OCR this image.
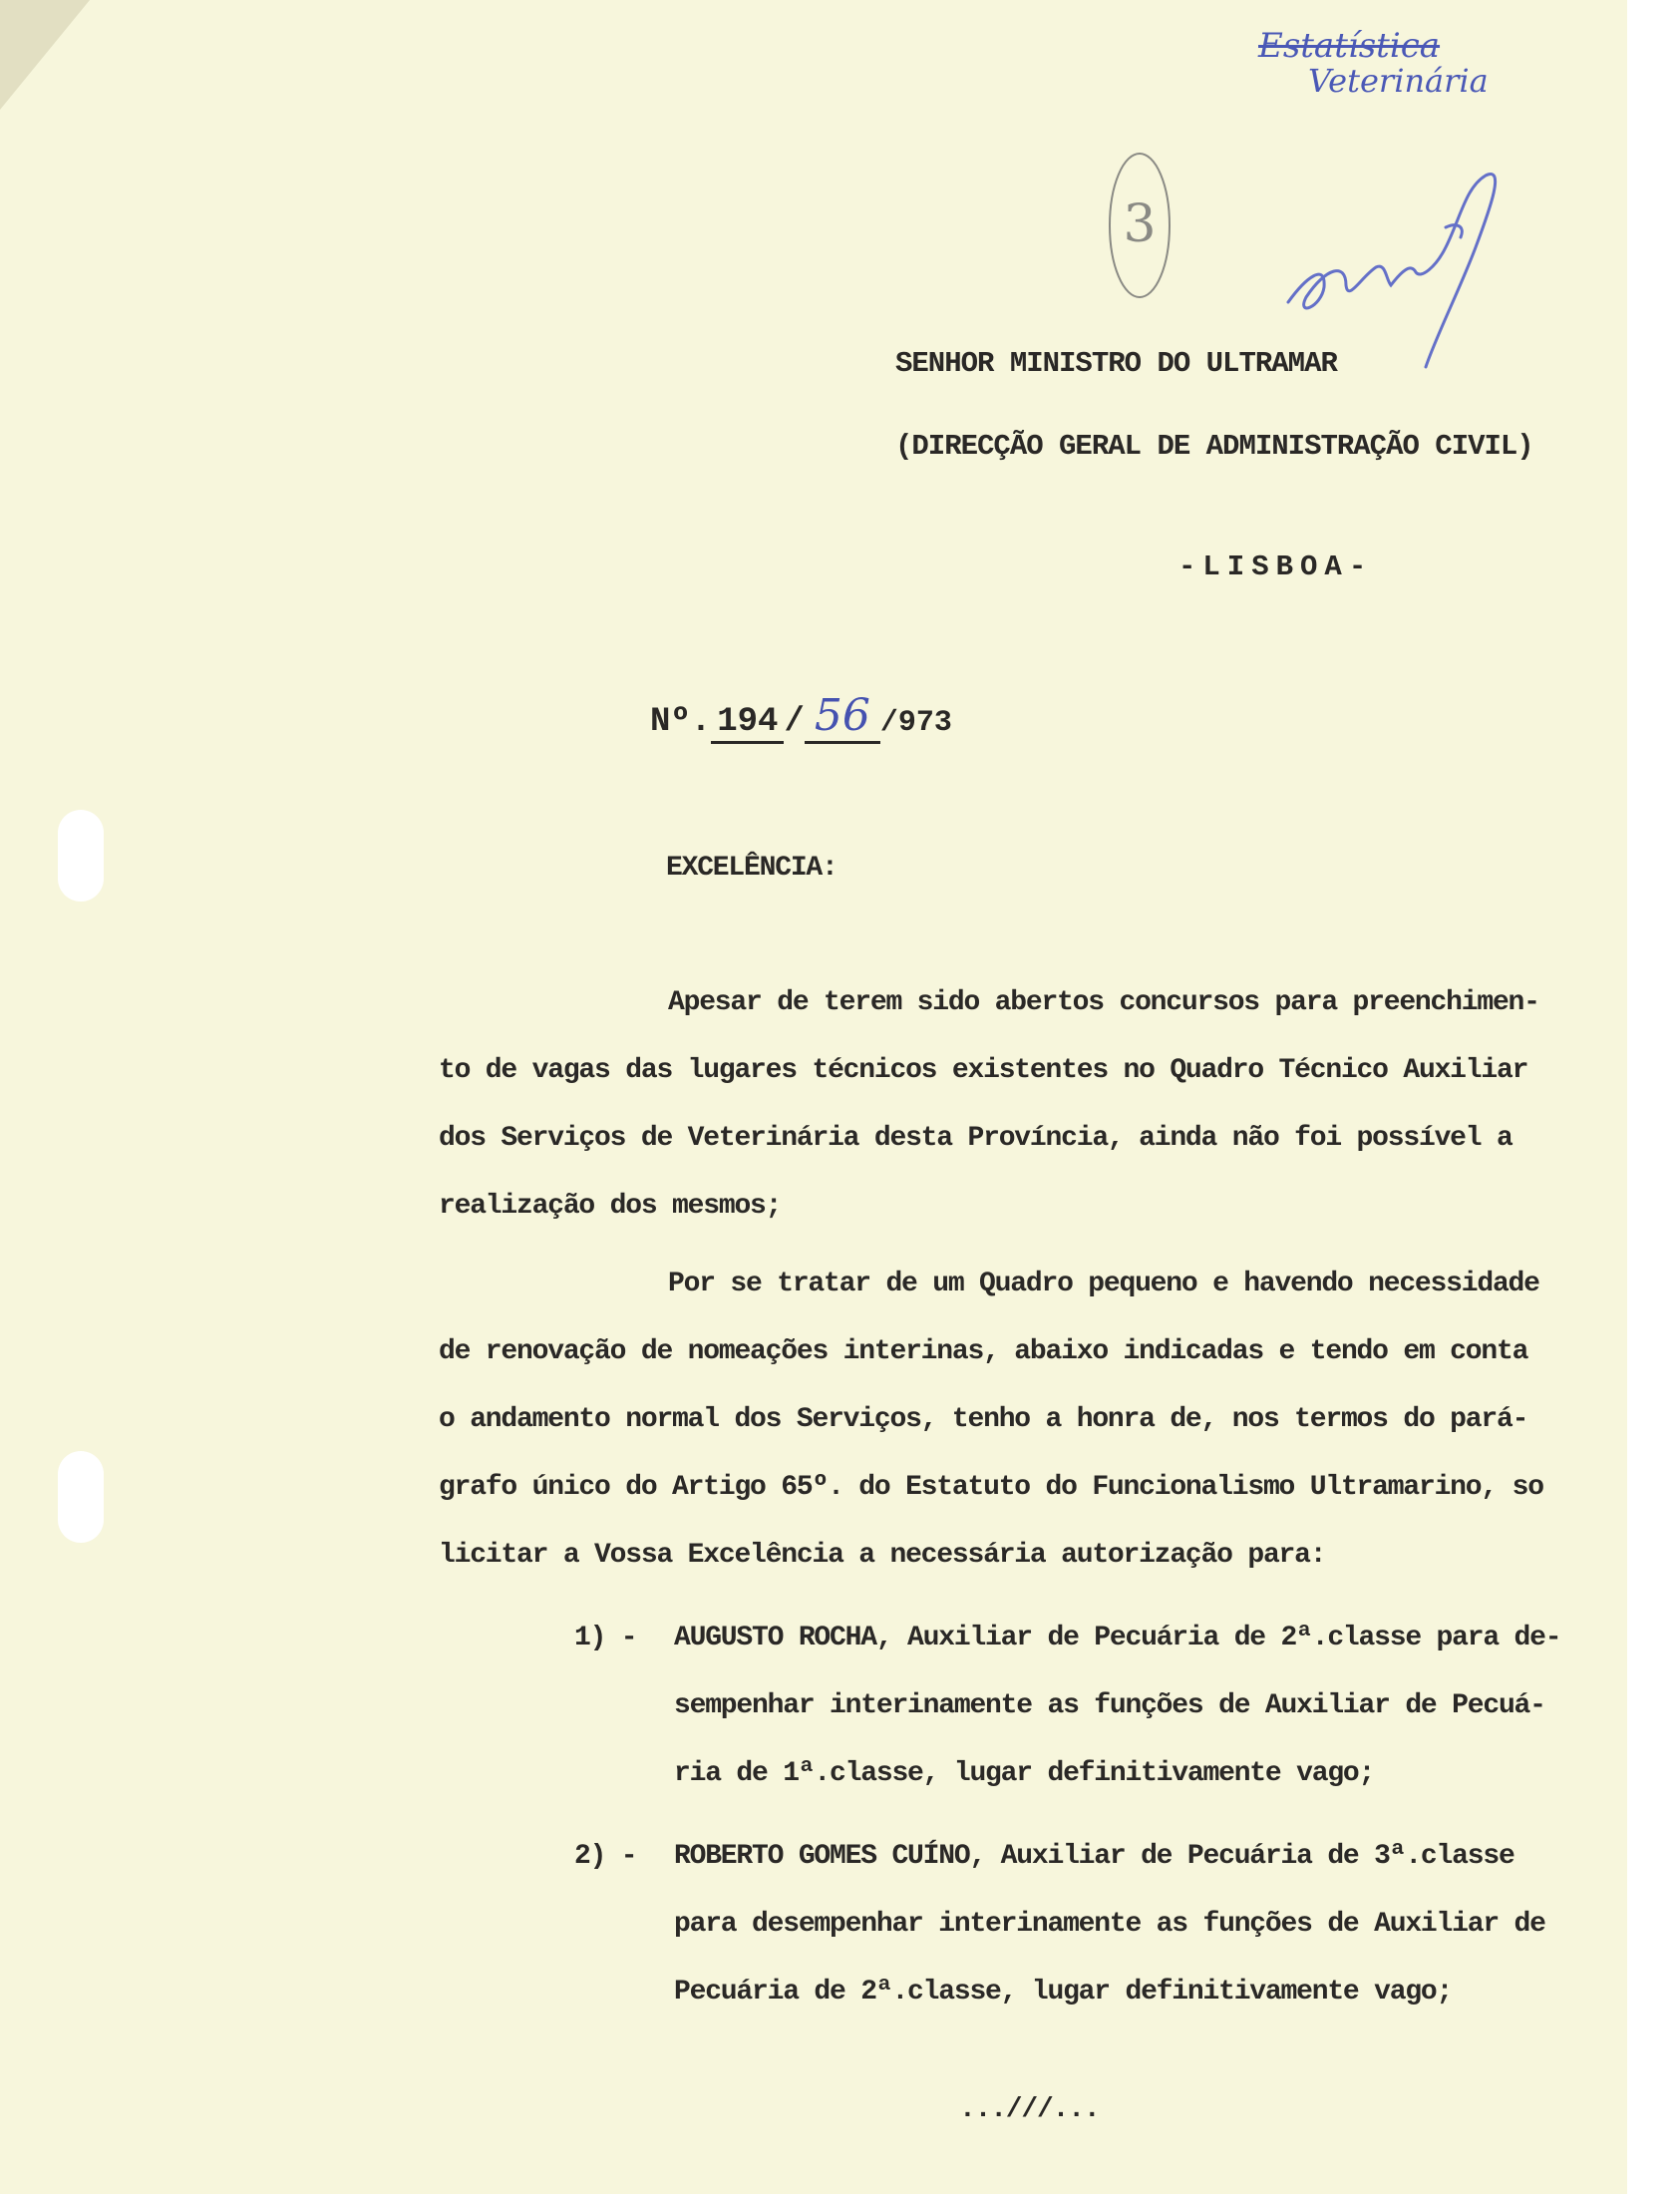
Estatística
Veterinária
3

SENHOR MINISTRO DO ULTRAMAR

(DIRECÇÃO GERAL DE ADMINISTRAÇÃO CIVIL)

-LISBOA-

Nº. 194 / 56 / 973

EXCELÊNCIA:

Apesar de terem sido abertos concursos para preenchimen-

to de vagas das lugares técnicos existentes no Quadro Técnico Auxiliar

dos Serviços de Veterinária desta Província, ainda não foi possível a

realização dos mesmos;

Por se tratar de um Quadro pequeno e havendo necessidade

de renovação de nomeações interinas, abaixo indicadas e tendo em conta

o andamento normal dos Serviços, tenho a honra de, nos termos do pará-

grafo único do Artigo 65º. do Estatuto do Funcionalismo Ultramarino, so

licitar a Vossa Excelência a necessária autorização para:

1) - AUGUSTO ROCHA, Auxiliar de Pecuária de 2ª.classe para de-

sempenhar interinamente as funções de Auxiliar de Pecuá-

ria de 1ª.classe, lugar definitivamente vago;

2) - ROBERTO GOMES CUÍNO, Auxiliar de Pecuária de 3ª.classe

para desempenhar interinamente as funções de Auxiliar de

Pecuária de 2ª.classe, lugar definitivamente vago;

...///...
